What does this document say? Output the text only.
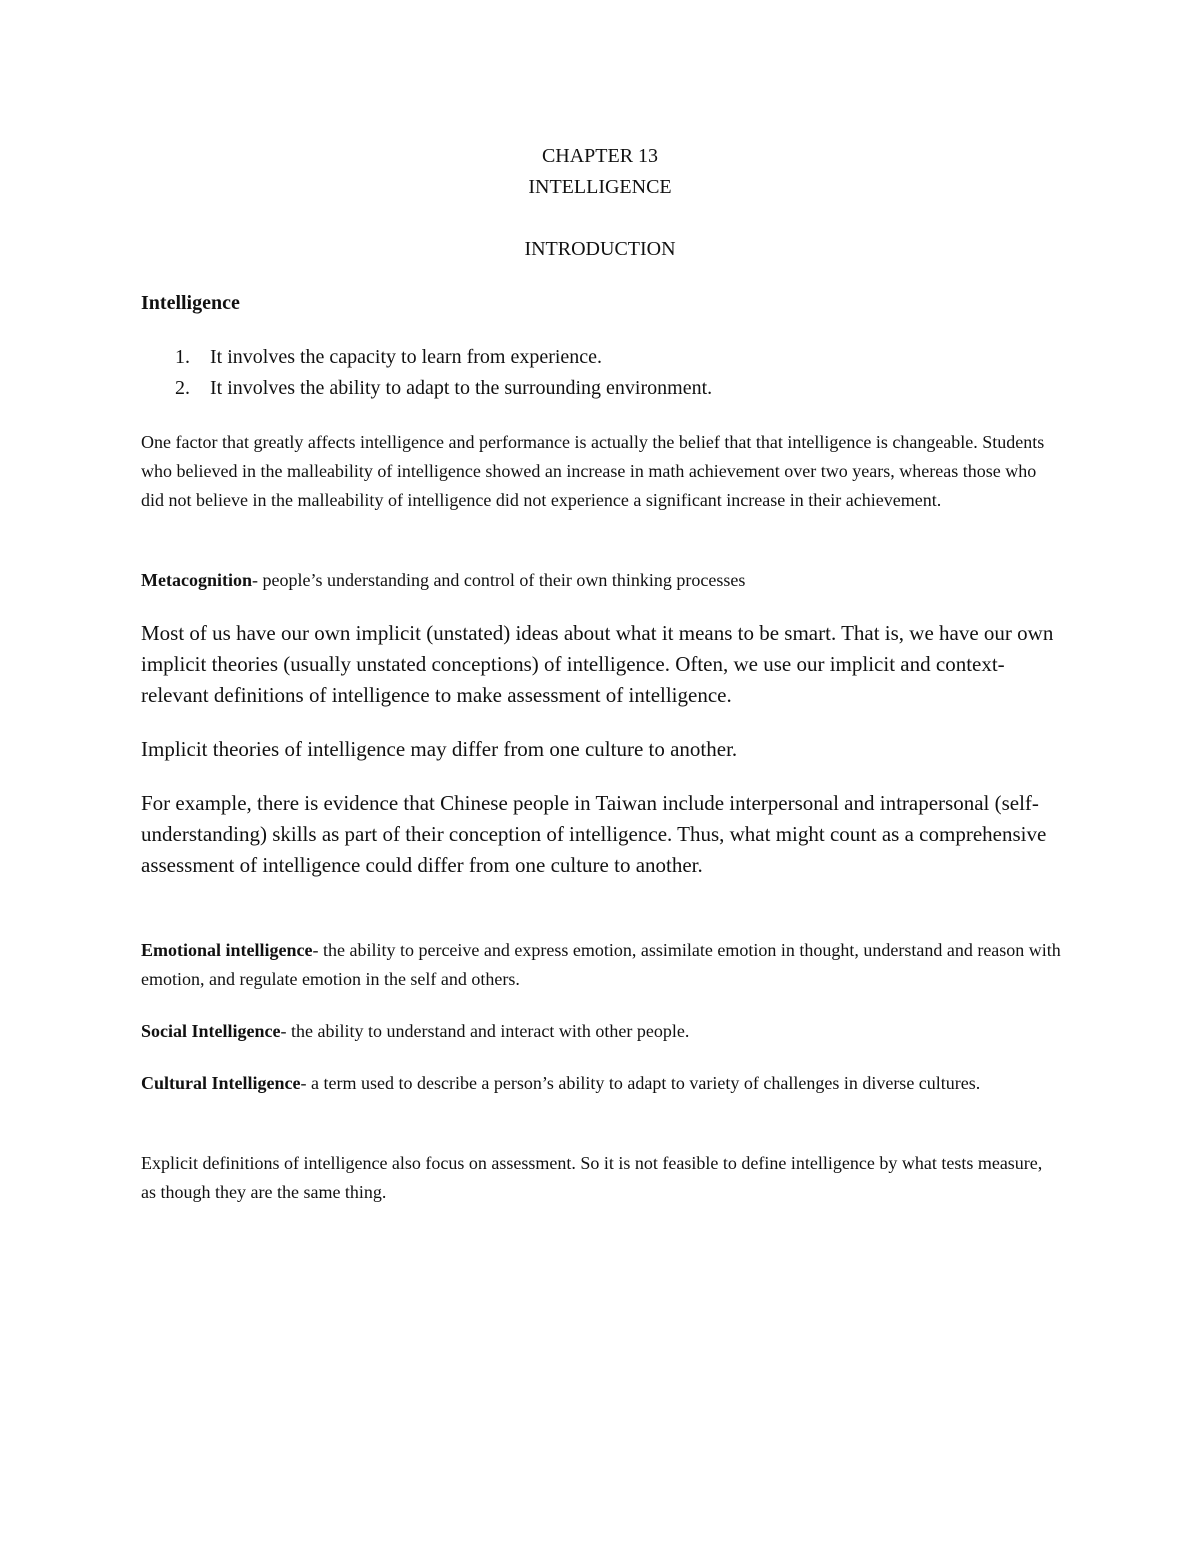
CHAPTER 13
INTELLIGENCE
INTRODUCTION
Intelligence
1. It involves the capacity to learn from experience.
2. It involves the ability to adapt to the surrounding environment.

One factor that greatly affects intelligence and performance is actually the belief that that intelligence is changeable. Students who believed in the malleability of intelligence showed an increase in math achievement over two years, whereas those who did not believe in the malleability of intelligence did not experience a significant increase in their achievement.

Metacognition- people’s understanding and control of their own thinking processes

Most of us have our own implicit (unstated) ideas about what it means to be smart. That is, we have our own implicit theories (usually unstated conceptions) of intelligence. Often, we use our implicit and context-relevant definitions of intelligence to make assessment of intelligence.

Implicit theories of intelligence may differ from one culture to another.

For example, there is evidence that Chinese people in Taiwan include interpersonal and intrapersonal (self-understanding) skills as part of their conception of intelligence. Thus, what might count as a comprehensive assessment of intelligence could differ from one culture to another.

Emotional intelligence- the ability to perceive and express emotion, assimilate emotion in thought, understand and reason with emotion, and regulate emotion in the self and others.

Social Intelligence- the ability to understand and interact with other people.

Cultural Intelligence- a term used to describe a person’s ability to adapt to variety of challenges in diverse cultures.

Explicit definitions of intelligence also focus on assessment. So it is not feasible to define intelligence by what tests measure, as though they are the same thing.
